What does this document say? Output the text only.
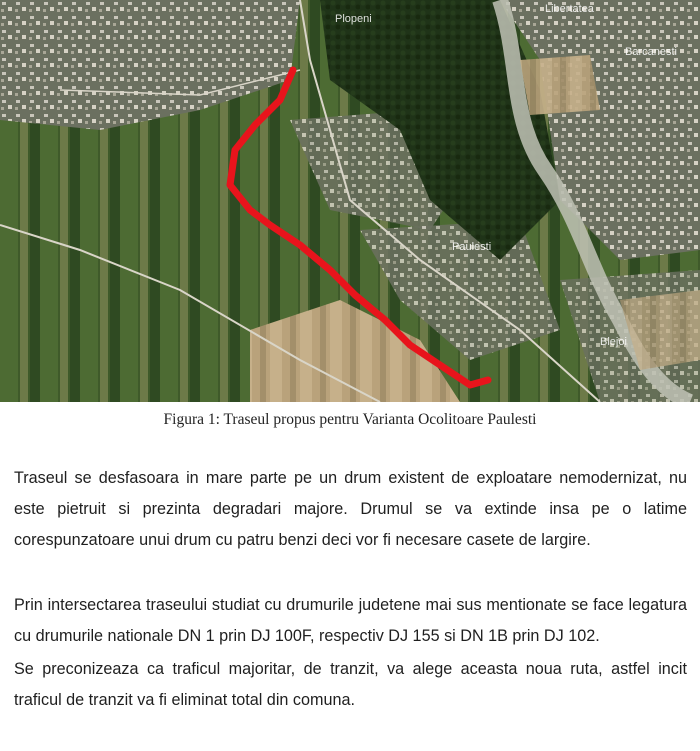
Plopeni
Libertatea
Barcanesti
Paulesti
Blejoi
Figura 1: Traseul propus pentru Varianta Ocolitoare Paulesti

Traseul se desfasoara in mare parte pe un drum existent de exploatare nemodernizat, nu este pietruit si prezinta degradari majore. Drumul se va extinde insa pe o latime corespunzatoare unui drum cu patru benzi deci vor fi necesare casete de largire.

Prin intersectarea traseului studiat cu drumurile judetene mai sus mentionate se face legatura cu drumurile nationale DN 1 prin DJ 100F, respectiv DJ 155 si DN 1B prin DJ 102.

Se preconizeaza ca traficul majoritar, de tranzit, va alege aceasta noua ruta, astfel incit traficul de tranzit va fi eliminat total din comuna.
